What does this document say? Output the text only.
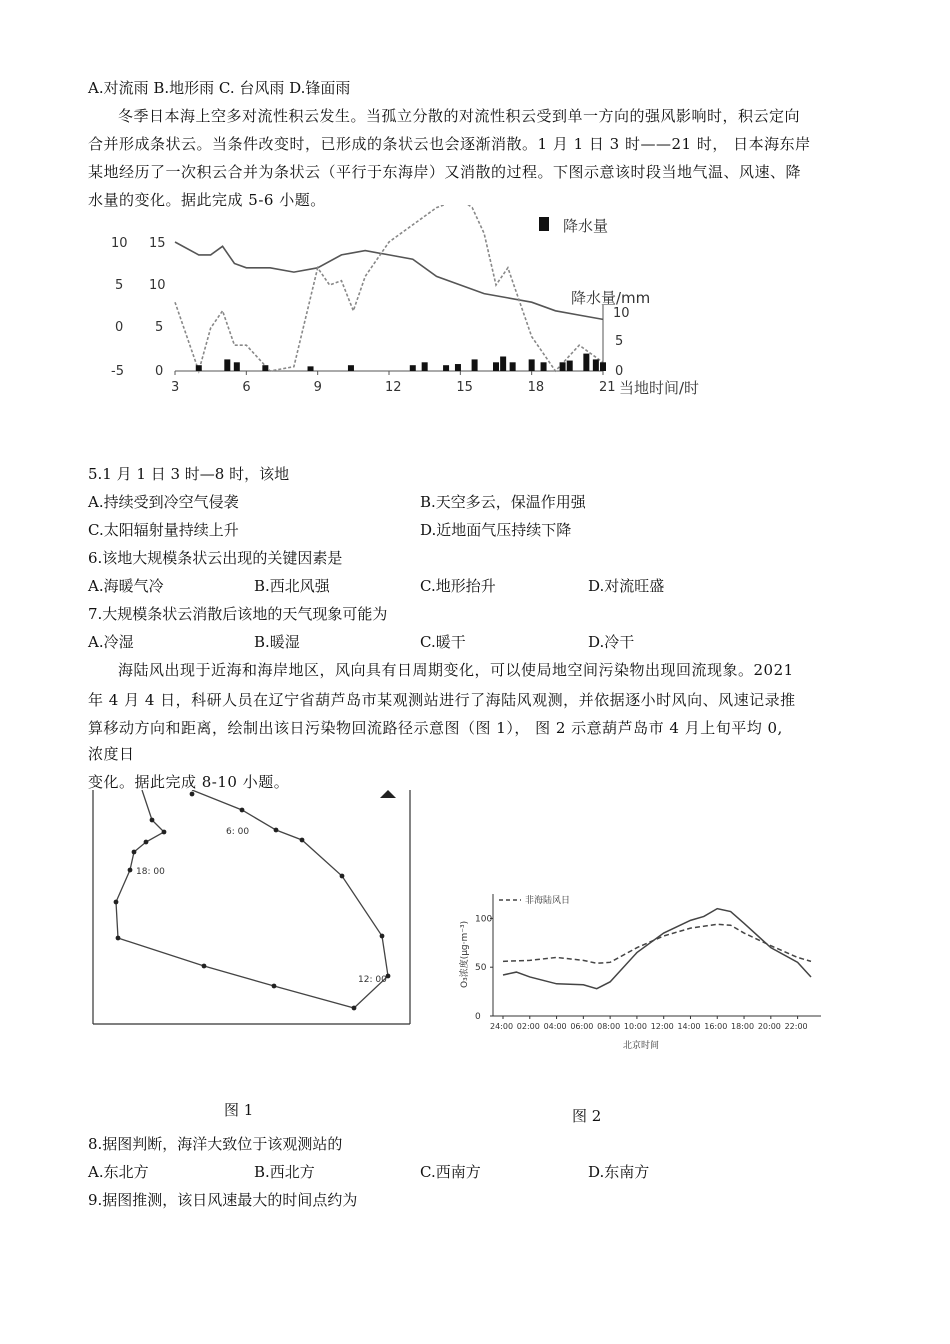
A.对流雨 B.地形雨 C. 台风雨 D.锋面雨
冬季日本海上空多对流性积云发生。当孤立分散的对流性积云受到单一方向的强风影响时，积云定向
合并形成条状云。当条件改变时，已形成的条状云也会逐渐消散。1 月 1 日 3 时——21 时， 日本海东岸
某地经历了一次积云合并为条状云（平行于东海岸）又消散的过程。下图示意该时段当地气温、风速、降
水量的变化。据此完成 5-6 小题。
10
5
0
-5
15
10
5
0
10
5
0
3	6	9	12	15	18	21
降水量
降水量/mm
当地时间/时
5.1 月 1 日 3 时—8 时，该地
A.持续受到冷空气侵袭	B.天空多云，保温作用强
C.太阳辐射量持续上升	D.近地面气压持续下降
6.该地大规模条状云出现的关键因素是
A.海暖气冷	B.西北风强	C.地形抬升	D.对流旺盛
7.大规模条状云消散后该地的天气现象可能为
A.冷湿	B.暖湿	C.暖干	D.冷干
海陆风出现于近海和海岸地区，风向具有日周期变化，可以使局地空间污染物出现回流现象。2021
年 4 月 4 日，科研人员在辽宁省葫芦岛市某观测站进行了海陆风观测，并依据逐小时风向、风速记录推
算移动方向和距离，绘制出该日污染物回流路径示意图（图 1）， 图 2 示意葫芦岛市 4 月上旬平均 0,
浓度日
变化。据此完成 8-10 小题。
6: 00
18: 00
12: 00
图 1
非海陆风日
O₃浓度(μg·m⁻³)
100
50
0
24:00 02:00 04:00 06:00 08:00 10:00 12:00 14:00 16:00 18:00 20:00 22:00
北京时间
图 2
8.据图判断，海洋大致位于该观测站的
A.东北方	B.西北方	C.西南方	D.东南方
9.据图推测，该日风速最大的时间点约为
